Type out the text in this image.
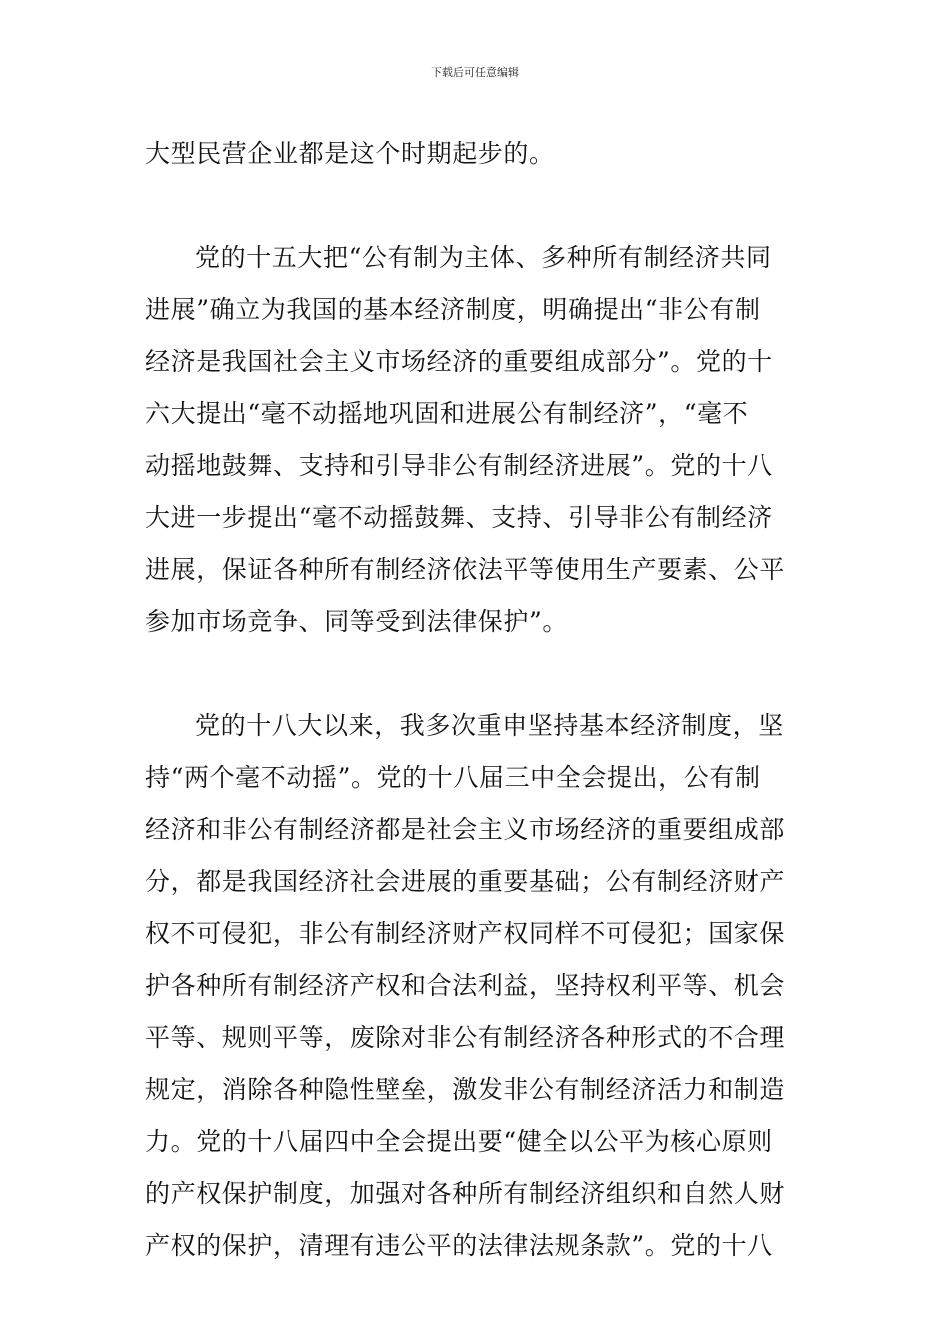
下载后可任意编辑
大型民营企业都是这个时期起步的。
党的十五大把“公有制为主体、多种所有制经济共同
进展”确立为我国的基本经济制度，明确提出“非公有制
经济是我国社会主义市场经济的重要组成部分”。党的十
六大提出“毫不动摇地巩固和进展公有制经济”，“毫不
动摇地鼓舞、支持和引导非公有制经济进展”。党的十八
大进一步提出“毫不动摇鼓舞、支持、引导非公有制经济
进展，保证各种所有制经济依法平等使用生产要素、公平
参加市场竞争、同等受到法律保护”。
党的十八大以来，我多次重申坚持基本经济制度，坚
持“两个毫不动摇”。党的十八届三中全会提出，公有制
经济和非公有制经济都是社会主义市场经济的重要组成部
分，都是我国经济社会进展的重要基础；公有制经济财产
权不可侵犯，非公有制经济财产权同样不可侵犯；国家保
护各种所有制经济产权和合法利益，坚持权利平等、机会
平等、规则平等，废除对非公有制经济各种形式的不合理
规定，消除各种隐性壁垒，激发非公有制经济活力和制造
力。党的十八届四中全会提出要“健全以公平为核心原则
的产权保护制度，加强对各种所有制经济组织和自然人财
产权的保护，清理有违公平的法律法规条款”。党的十八
